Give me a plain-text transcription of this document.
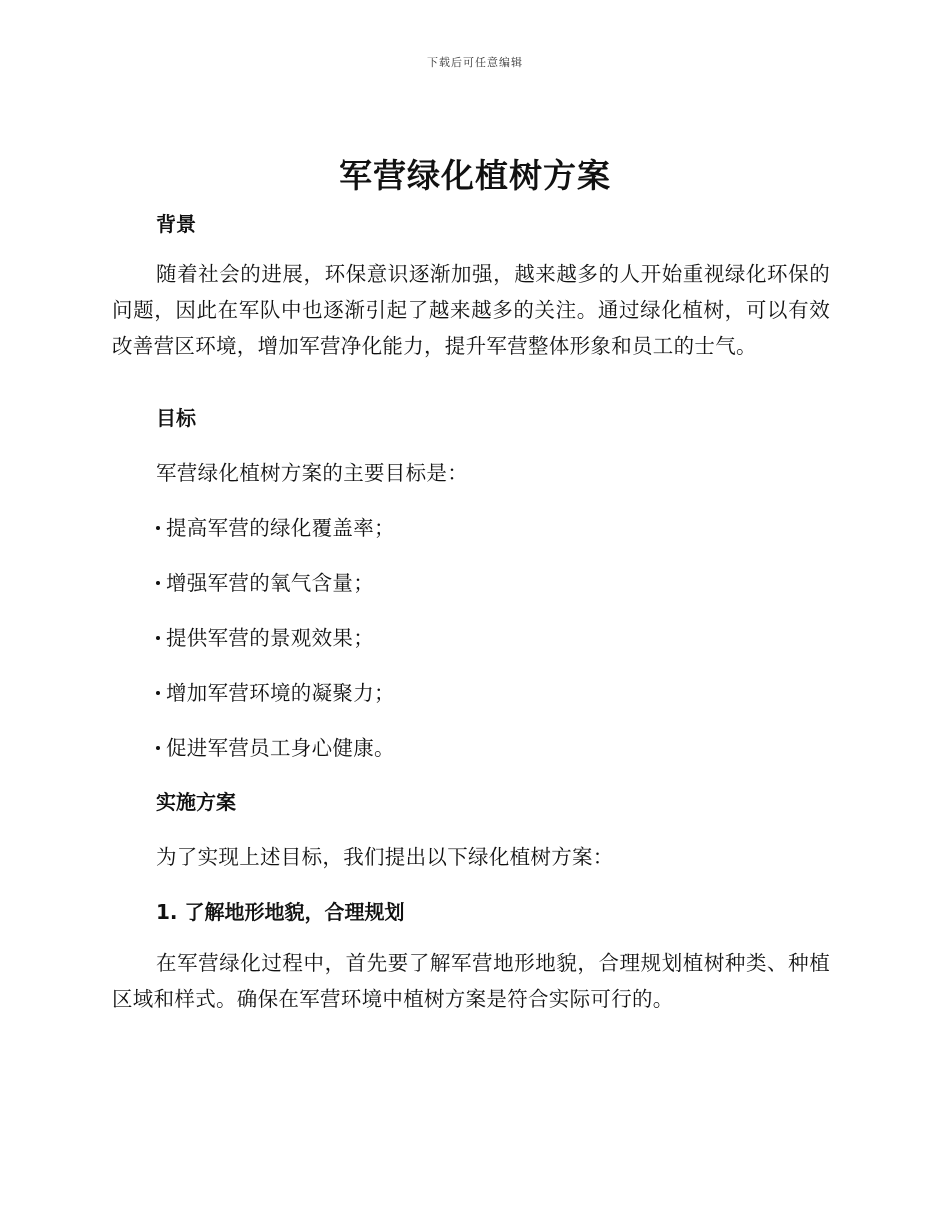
下载后可任意编辑
军营绿化植树方案
背景

随着社会的进展，环保意识逐渐加强，越来越多的人开始重视绿化环保的问题，因此在军队中也逐渐引起了越来越多的关注。通过绿化植树，可以有效改善营区环境，增加军营净化能力，提升军营整体形象和员工的士气。

目标

军营绿化植树方案的主要目标是：

提高军营的绿化覆盖率；
增强军营的氧气含量；
提供军营的景观效果；
增加军营环境的凝聚力；
促进军营员工身心健康。
实施方案

为了实现上述目标，我们提出以下绿化植树方案：

1. 了解地形地貌，合理规划

在军营绿化过程中，首先要了解军营地形地貌，合理规划植树种类、种植区域和样式。确保在军营环境中植树方案是符合实际可行的。
